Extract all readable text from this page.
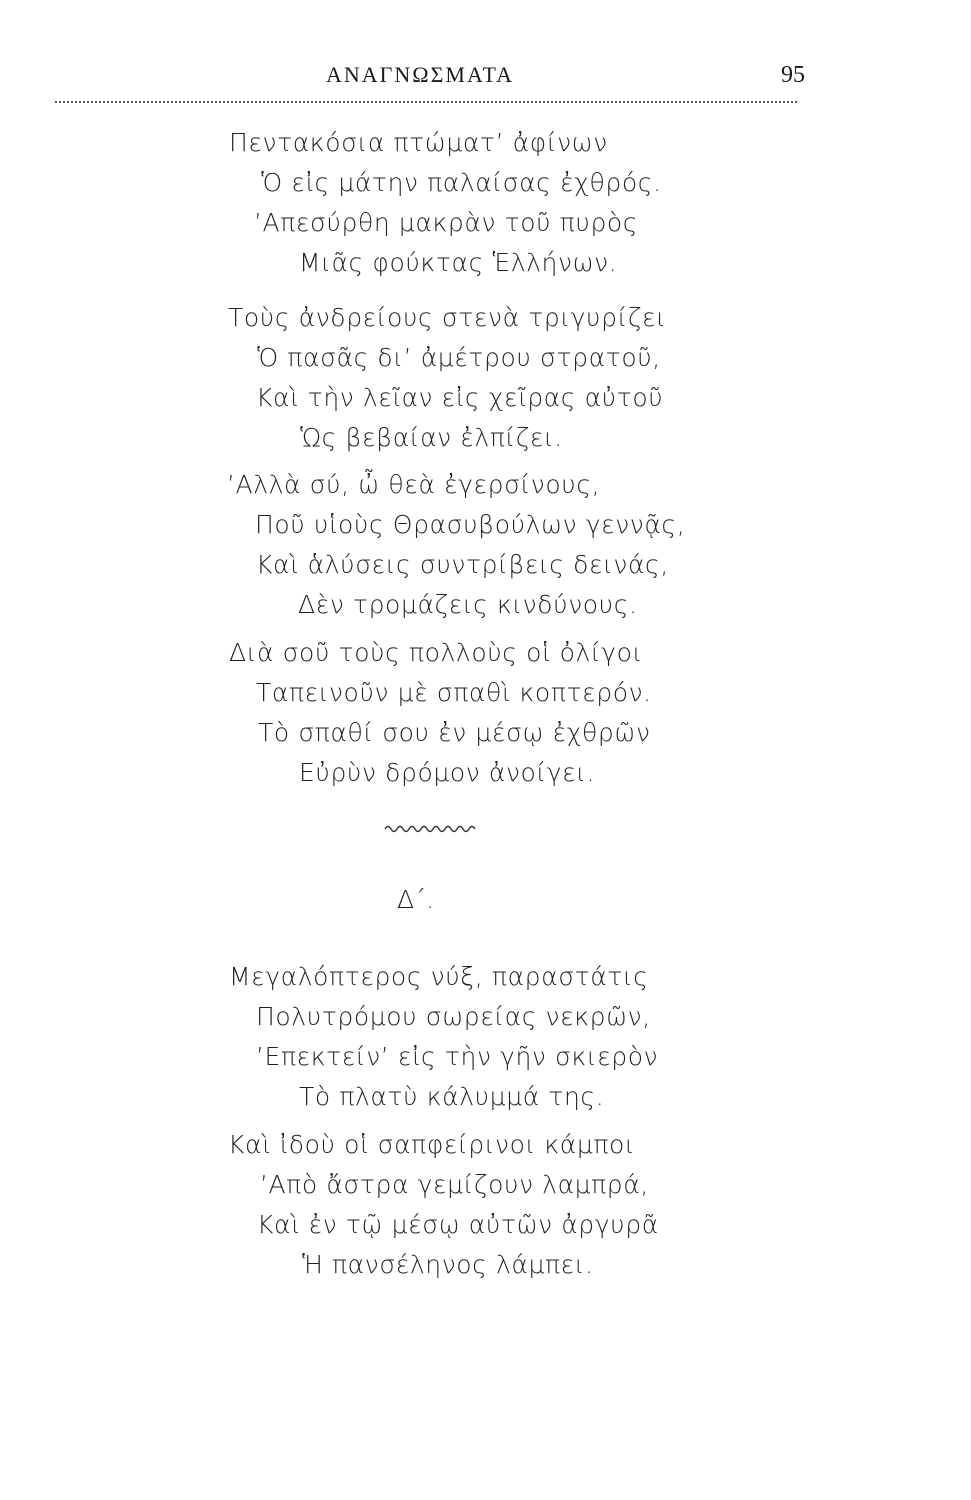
ΑΝΑΓΝΩΣΜΑΤΑ	95
Πεντακόσια πτώματ’ ἀφίνων
Ὁ εἰς μάτην παλαίσας ἐχθρός.
’Απεσύρθη μακρὰν τοῦ πυρὸς
Μιᾶς φούκτας Ἑλλήνων.
Τοὺς ἀνδρείους στενὰ τριγυρίζει
Ὁ πασᾶς δι’ ἀμέτρου στρατοῦ,
Καὶ τὴν λεῖαν εἰς χεῖρας αὐτοῦ
Ὡς βεβαίαν ἐλπίζει.
’Αλλὰ σύ, ὦ θεὰ ἐγερσίνους,
Ποῦ υἱοὺς Θρασυβούλων γεννᾷς,
Καὶ ἁλύσεις συντρίβεις δεινάς,
Δὲν τρομάζεις κινδύνους.
Διὰ σοῦ τοὺς πολλοὺς οἱ ὀλίγοι
Ταπεινοῦν μὲ σπαθὶ κοπτερόν.
Τὸ σπαθί σου ἐν μέσῳ ἐχθρῶν
Εὐρὺν δρόμον ἀνοίγει.
Δ΄.
Μεγαλόπτερος νύξ, παραστάτις
Πολυτρόμου σωρείας νεκρῶν,
’Επεκτείν’ εἰς τὴν γῆν σκιερὸν
Τὸ πλατὺ κάλυμμά της.
Καὶ ἰδοὺ οἱ σαπφείρινοι κάμποι
’Απὸ ἄστρα γεμίζουν λαμπρά,
Καὶ ἐν τῷ μέσῳ αὐτῶν ἀργυρᾶ
Ἡ πανσέληνος λάμπει.
